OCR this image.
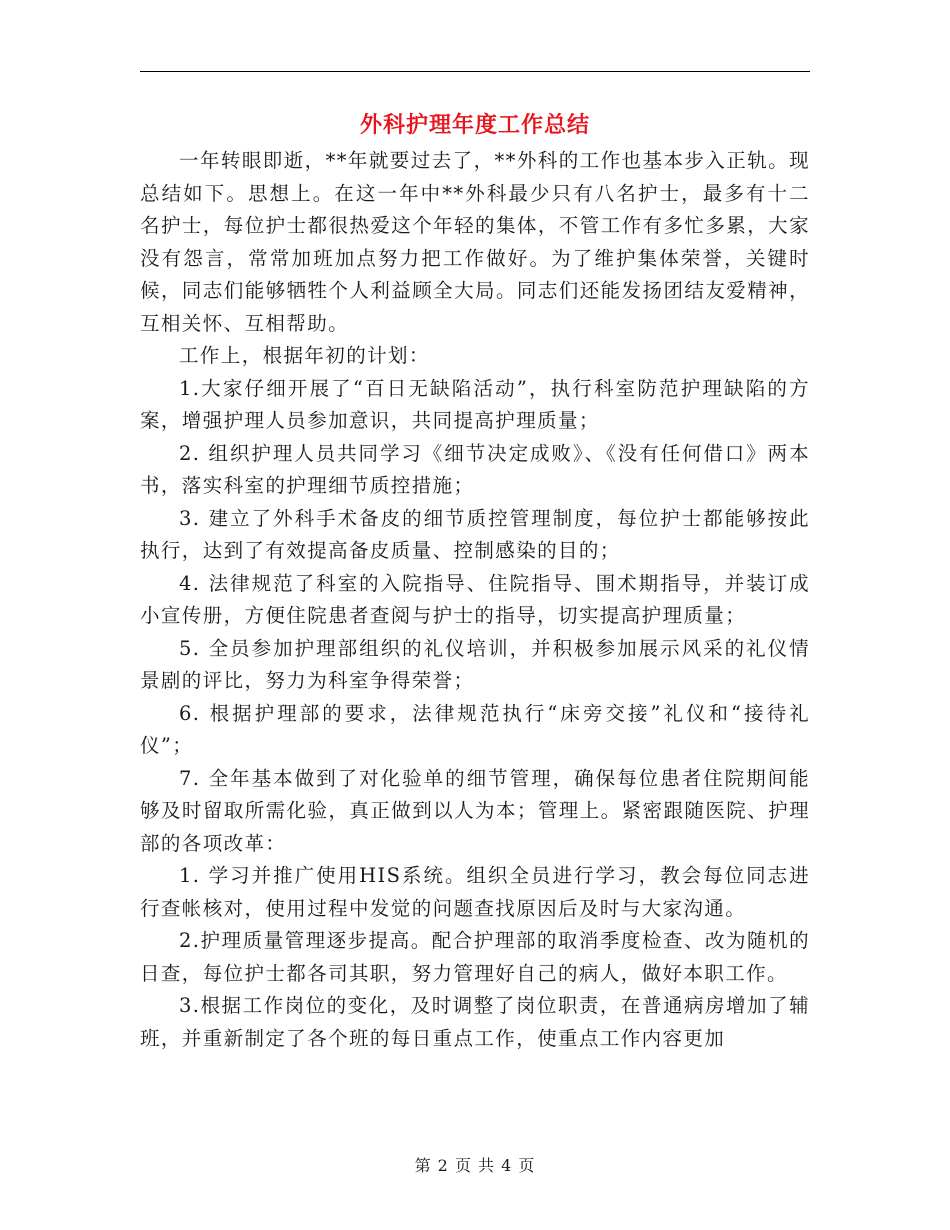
外科护理年度工作总结

一年转眼即逝，**年就要过去了，**外科的工作也基本步入正轨。现总结如下。思想上。在这一年中**外科最少只有八名护士，最多有十二名护士，每位护士都很热爱这个年轻的集体，不管工作有多忙多累，大家没有怨言，常常加班加点努力把工作做好。为了维护集体荣誉，关键时候，同志们能够牺牲个人利益顾全大局。同志们还能发扬团结友爱精神，互相关怀、互相帮助。

工作上，根据年初的计划：

1.大家仔细开展了“百日无缺陷活动”，执行科室防范护理缺陷的方案，增强护理人员参加意识，共同提高护理质量；

2. 组织护理人员共同学习《细节决定成败》、《没有任何借口》两本书，落实科室的护理细节质控措施；

3. 建立了外科手术备皮的细节质控管理制度，每位护士都能够按此执行，达到了有效提高备皮质量、控制感染的目的；

4. 法律规范了科室的入院指导、住院指导、围术期指导，并装订成小宣传册，方便住院患者查阅与护士的指导，切实提高护理质量；

5. 全员参加护理部组织的礼仪培训，并积极参加展示风采的礼仪情景剧的评比，努力为科室争得荣誉；

6. 根据护理部的要求，法律规范执行“床旁交接”礼仪和“接待礼仪”；

7. 全年基本做到了对化验单的细节管理，确保每位患者住院期间能够及时留取所需化验，真正做到以人为本；管理上。紧密跟随医院、护理部的各项改革：

1. 学习并推广使用HIS系统。组织全员进行学习，教会每位同志进行查帐核对，使用过程中发觉的问题查找原因后及时与大家沟通。

2.护理质量管理逐步提高。配合护理部的取消季度检查、改为随机的日查，每位护士都各司其职，努力管理好自己的病人，做好本职工作。

3.根据工作岗位的变化，及时调整了岗位职责，在普通病房增加了辅班，并重新制定了各个班的每日重点工作，使重点工作内容更加

第 2 页 共 4 页
